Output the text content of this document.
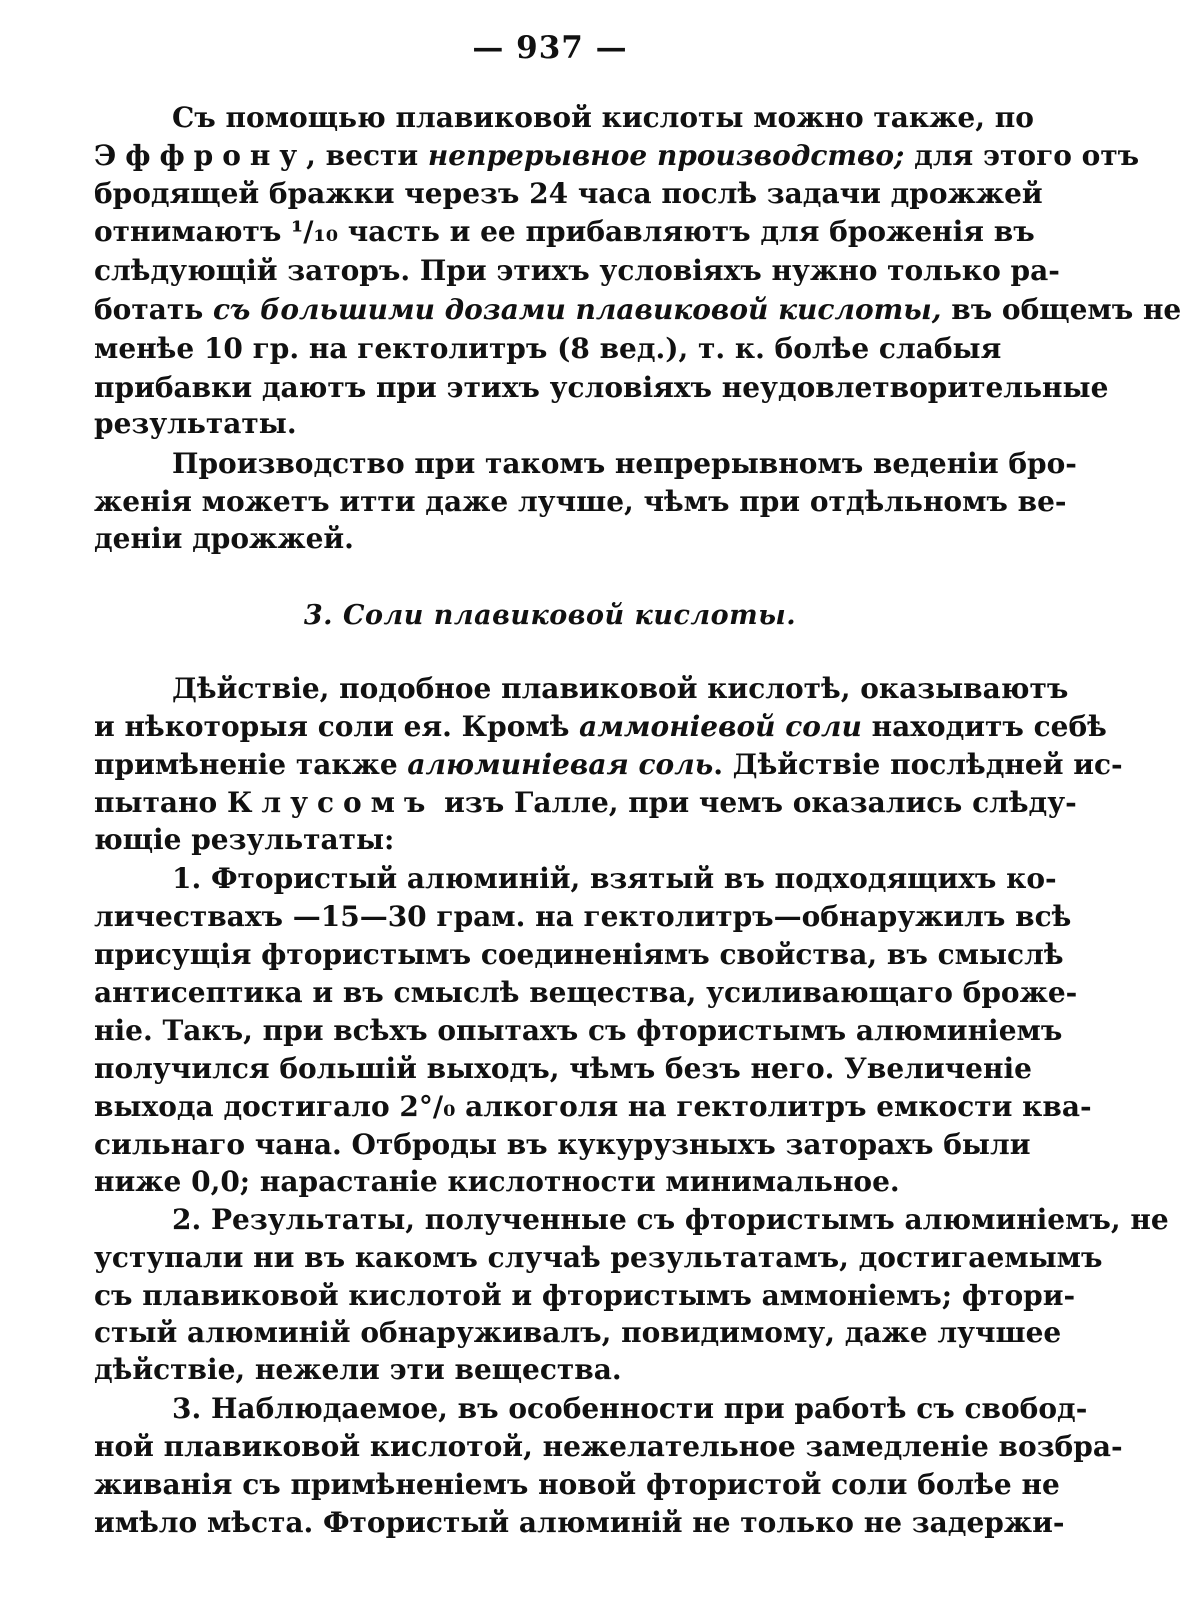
— 937 —
Съ помощью плавиковой кислоты можно также, по
Эффрону, вести непрерывное производство; для этого отъ
бродящей бражки черезъ 24 часа послѣ задачи дрожжей
отнимаютъ ¹/₁₀ часть и ее прибавляютъ для броженія въ
слѣдующій заторъ. При этихъ условіяхъ нужно только ра-
ботать съ большими дозами плавиковой кислоты, въ общемъ не
менѣе 10 гр. на гектолитръ (8 вед.), т. к. болѣе слабыя
прибавки даютъ при этихъ условіяхъ неудовлетворительные
результаты.
Производство при такомъ непрерывномъ веденіи бро-
женія можетъ итти даже лучше, чѣмъ при отдѣльномъ ве-
деніи дрожжей.
3. Соли плавиковой кислоты.
Дѣйствіе, подобное плавиковой кислотѣ, оказываютъ
и нѣкоторыя соли ея. Кромѣ аммоніевой соли находитъ себѣ
примѣненіе также алюминіевая соль. Дѣйствіе послѣдней ис-
пытано Клусомъ изъ Галле, при чемъ оказались слѣду-
ющіе результаты:
1. Фтористый алюминій, взятый въ подходящихъ ко-
личествахъ —15—30 грам. на гектолитръ—обнаружилъ всѣ
присущія фтористымъ соединеніямъ свойства, въ смыслѣ
антисептика и въ смыслѣ вещества, усиливающаго броже-
ніе. Такъ, при всѣхъ опытахъ съ фтористымъ алюминіемъ
получился большій выходъ, чѣмъ безъ него. Увеличеніе
выхода достигало 2°/₀ алкоголя на гектолитръ емкости ква-
сильнаго чана. Отброды въ кукурузныхъ заторахъ были
ниже 0,0; нарастаніе кислотности минимальное.
2. Результаты, полученные съ фтористымъ алюминіемъ, не
уступали ни въ какомъ случаѣ результатамъ, достигаемымъ
съ плавиковой кислотой и фтористымъ аммоніемъ; фтори-
стый алюминій обнаруживалъ, повидимому, даже лучшее
дѣйствіе, нежели эти вещества.
3. Наблюдаемое, въ особенности при работѣ съ свобод-
ной плавиковой кислотой, нежелательное замедленіе возбра-
живанія съ примѣненіемъ новой фтористой соли болѣе не
имѣло мѣста. Фтористый алюминій не только не задержи-
